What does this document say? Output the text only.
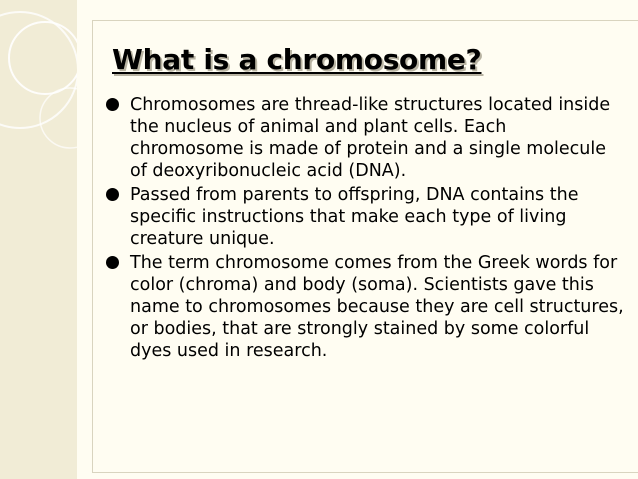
What is a chromosome?
Chromosomes are thread-like structures located inside the nucleus of animal and plant cells. Each chromosome is made of protein and a single molecule of deoxyribonucleic acid (DNA).
Passed from parents to offspring, DNA contains the specific instructions that make each type of living creature unique.
The term chromosome comes from the Greek words for color (chroma) and body (soma). Scientists gave this name to chromosomes because they are cell structures, or bodies, that are strongly stained by some colorful dyes used in research.
